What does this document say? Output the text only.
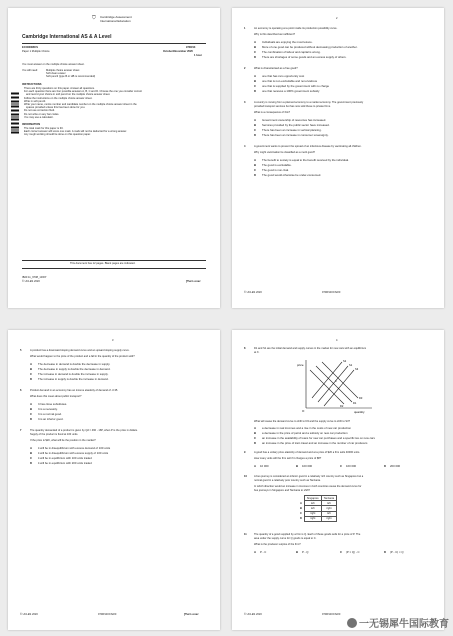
⛉ Cambridge Assessment
International Education
Cambridge International AS & A Level
ECONOMICS	9708/13
Paper 1 Multiple Choice	October/November 2020
1 hour
You must answer on the multiple choice answer sheet.
You will need:	Multiple choice answer sheet
Soft clean eraser
Soft pencil (type B or HB is recommended)
INSTRUCTIONS
There are thirty questions on this paper. Answer all questions.
For each question there are four possible answers A, B, C and D. Choose the one you consider correct
and record your choice in soft pencil on the multiple choice answer sheet.
Follow the instructions on the multiple choice answer sheet.
Write in soft pencil.
Write your name, centre number and candidate number on the multiple choice answer sheet in the
spaces provided unless this has been done for you.
Do not use correction fluid.
Do not write on any bar codes.
You may use a calculator.
INFORMATION
The total mark for this paper is 30.
Each correct answer will score one mark. A mark will not be deducted for a wrong answer.
Any rough working should be done on this question paper.
This document has 12 pages. Blank pages are indicated.
IB20 11_9708_13/FP
© UCLES 2020	[Turn over
2
1	An economy is operating at a point inside its production possibility curve.
Why is this described as inefficient?
A Individuals are enjoying the most leisure.
B More of one good can be produced without decreasing production of another.
C The combination of labour and capital is wrong.
D There are shortages of some goods and an excess supply of others.
2	What is characterised as a free good?
A one that has zero opportunity cost
B one that is non-excludable and non-rivalrous
C one that is supplied by the government with no charge
D one that receives a 100% government subsidy
3	A country is moving from a planned economy to a market economy. The government previously
provided transport services but has now sold these to private firms.
What is a consequence of this?
A Government ownership of resources has increased.
B Services provided by the public sector have increased.
C There has been an increase in vertical planning.
D There has been an increase in consumer sovereignty.
4	A government wants to prevent the spread of an infectious disease by vaccinating all children.
Why might vaccination be classified as a merit good?
A The benefit to society is equal to the benefit received by the individual.
B The good is excludable.
C The good is non-rival.
D The good would otherwise be under-consumed.
© UCLES 2020	9708/13/O/N/20
3
5	A product has a downward sloping demand curve and an upward sloping supply curve.
What would happen to the price of the product and a fall in the quantity of the product sold?
A The decrease in demand is double the decrease in supply.
B The decrease in supply is double the decrease in demand.
C The increase in demand is double the increase in supply.
D The increase in supply is double the increase in demand.
6	Product demand in an economy has an income elasticity of demand of -0.35.
What does this mean about public transport?
A It has close substitutes.
B It is a necessity.
C It is a normal good.
D It is an inferior good.
7	The quantity demanded of a product is given by Qd = 460 - 16P, when P is the price in dollars.
Supply of the product is fixed at 100 units.
If the price is $20, what will be the position in the market?
A it will be in disequilibrium with excess demand of 100 units
B it will be in disequilibrium with excess supply of 100 units
C it will be in equilibrium with 100 units traded
D it will be in equilibrium with 200 units traded
© UCLES 2020	9708/13/O/N/20	[Turn over
4
8	D1 and S1 are the initial demand and supply curves in the market for new cars with an equilibrium
at X.
price
quantity
O
S1
S2
S3
D1
D2
D3
X
What will cause the demand curve to shift to D3 and the supply curve to shift to S3?
A a decrease in real incomes and a rise in the costs of new car production
B a decrease in the price of petrol and a subsidy on new car production
C an increase in the availability of loans for new car purchases and a specific tax on new cars
D an increase in the price of train travel and an increase in the number of car producers
9	A good has a unitary price elasticity of demand and at a price of $20 a firm sells 40000 units.
How many units will the firm sell if it charges a price of $8?
A 10 000	B 100 000	C 160 000	D 200 000
10	A bus journey is considered an inferior good in a relatively rich country such as Singapore but a
normal good in a relatively poor country such as Tanzania.
In which direction would an increase in incomes in both countries cause the demand curve for
bus journeys in Singapore and Tanzania to shift?
	Singapore	Tanzania
A	left	left
B	left	right
C	right	left
D	right	right
11	The quantity of a good supplied by a firm is Q. Each of these goods sells for a price of P. The
area under the supply curve for Q goods is equal to C.
What is the producer surplus of the firm?
A P - C	B P - Q	C (P × Q) - C	D (P - C) × Q
© UCLES 2020	9708/13/O/N/20
一无锡犀牛国际教育
